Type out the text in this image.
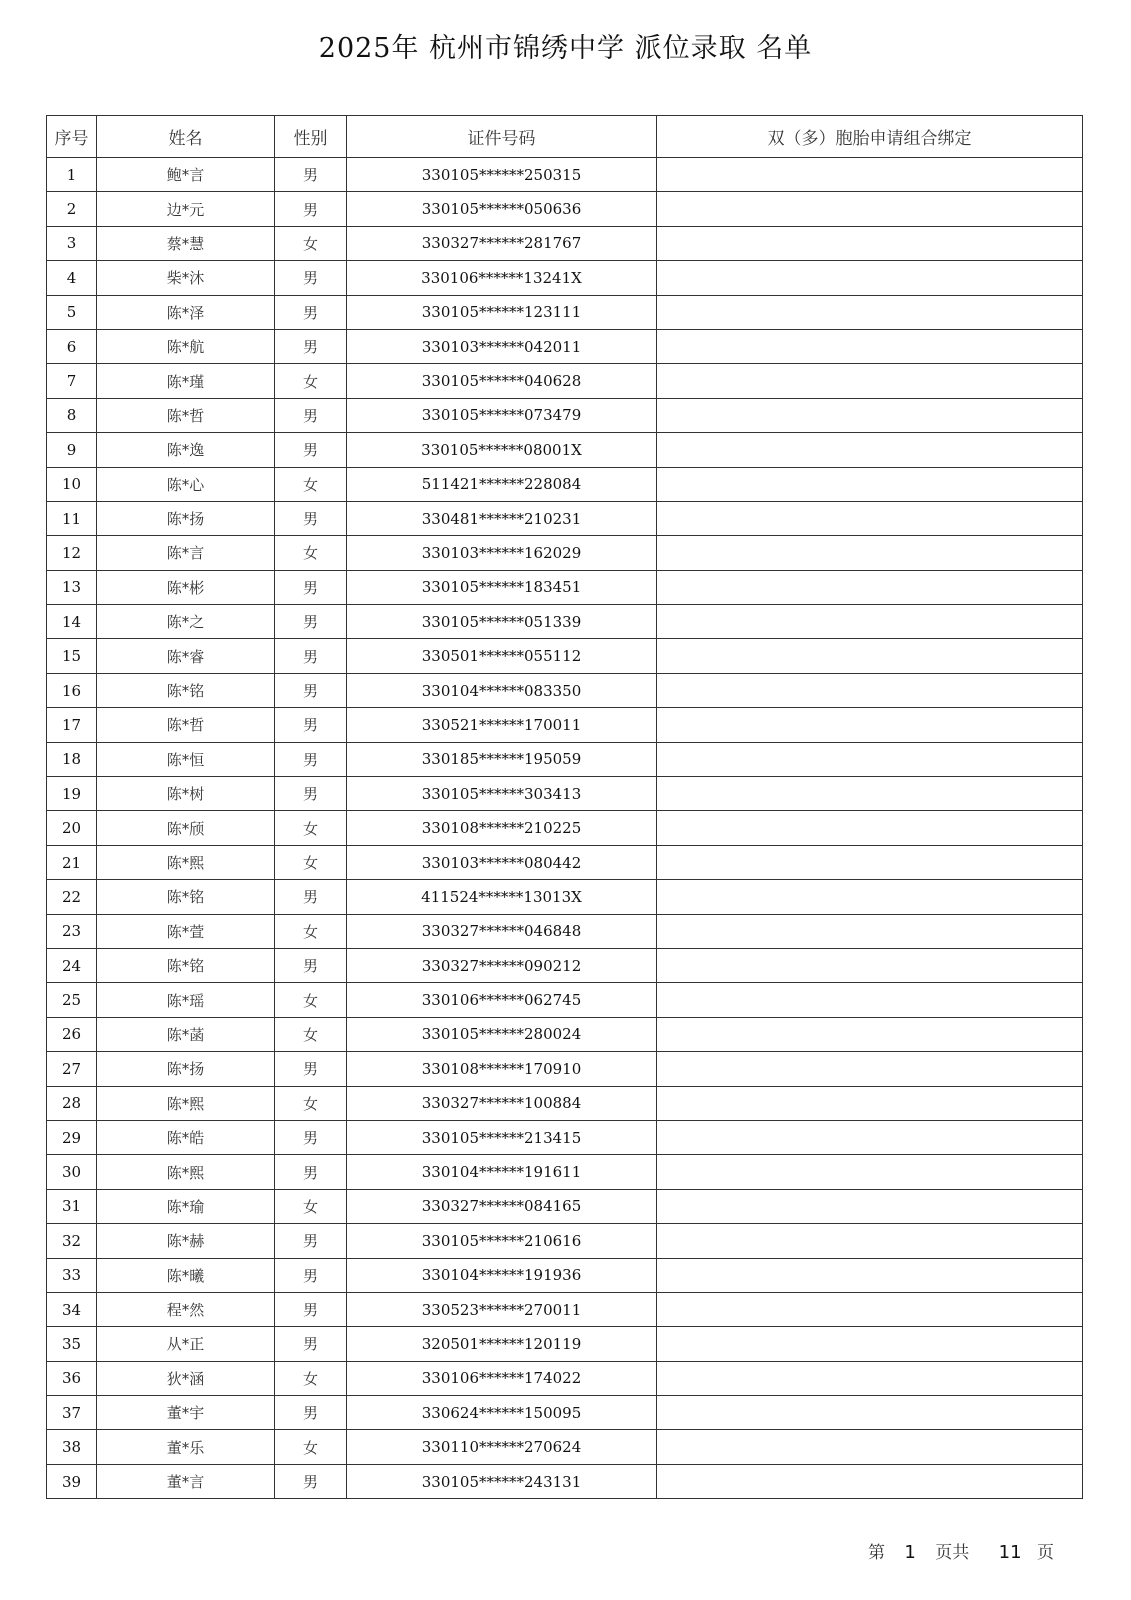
2025年 杭州市锦绣中学 派位录取 名单
序号	姓名	性别	证件号码	双（多）胞胎申请组合绑定
1	鲍*言	男	330105******250315	
2	边*元	男	330105******050636	
3	蔡*慧	女	330327******281767	
4	柴*沐	男	330106******13241X	
5	陈*泽	男	330105******123111	
6	陈*航	男	330103******042011	
7	陈*瑾	女	330105******040628	
8	陈*哲	男	330105******073479	
9	陈*逸	男	330105******08001X	
10	陈*心	女	511421******228084	
11	陈*扬	男	330481******210231	
12	陈*言	女	330103******162029	
13	陈*彬	男	330105******183451	
14	陈*之	男	330105******051339	
15	陈*睿	男	330501******055112	
16	陈*铭	男	330104******083350	
17	陈*哲	男	330521******170011	
18	陈*恒	男	330185******195059	
19	陈*树	男	330105******303413	
20	陈*颀	女	330108******210225	
21	陈*熙	女	330103******080442	
22	陈*铭	男	411524******13013X	
23	陈*萱	女	330327******046848	
24	陈*铭	男	330327******090212	
25	陈*瑶	女	330106******062745	
26	陈*菡	女	330105******280024	
27	陈*扬	男	330108******170910	
28	陈*熙	女	330327******100884	
29	陈*皓	男	330105******213415	
30	陈*熙	男	330104******191611	
31	陈*瑜	女	330327******084165	
32	陈*赫	男	330105******210616	
33	陈*曦	男	330104******191936	
34	程*然	男	330523******270011	
35	从*正	男	320501******120119	
36	狄*涵	女	330106******174022	
37	董*宇	男	330624******150095	
38	董*乐	女	330110******270624	
39	董*言	男	330105******243131	
第 1 页共 11 页
